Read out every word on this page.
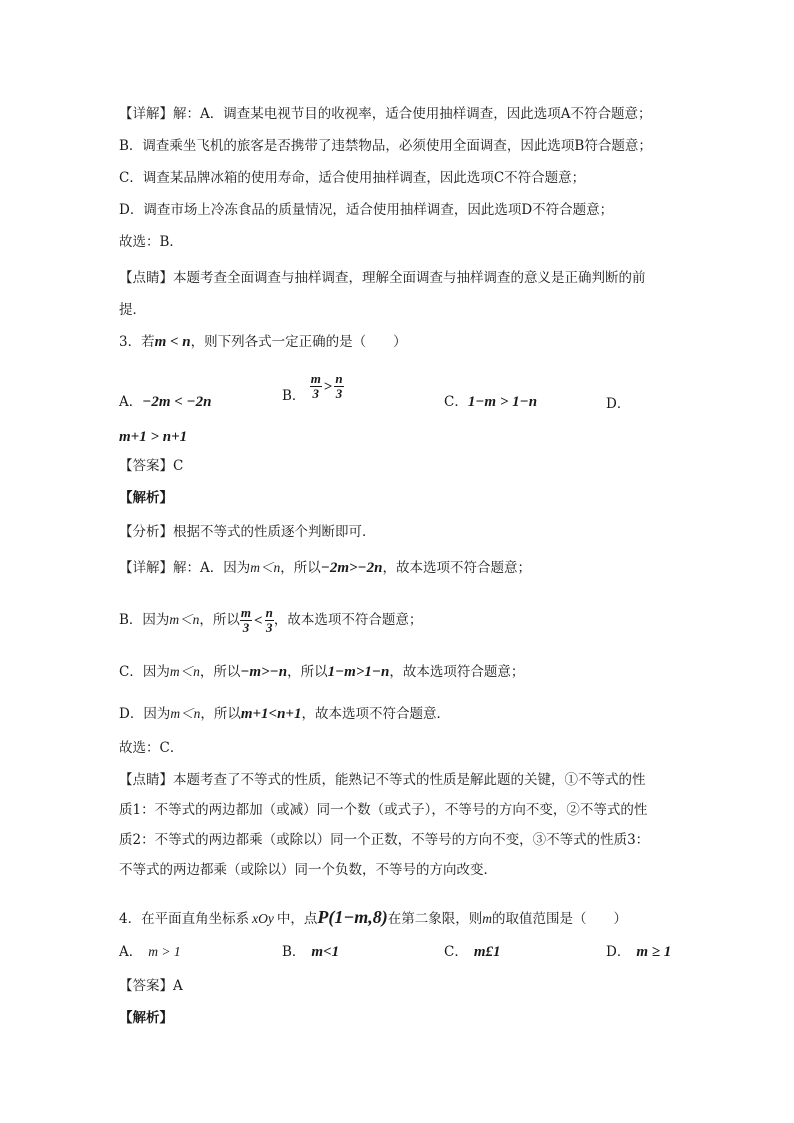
【详解】解：A．调查某电视节目的收视率，适合使用抽样调查，因此选项A不符合题意；
B．调查乘坐飞机的旅客是否携带了违禁物品，必须使用全面调查，因此选项B符合题意；
C．调查某品牌冰箱的使用寿命，适合使用抽样调查，因此选项C不符合题意；
D．调查市场上冷冻食品的质量情况，适合使用抽样调查，因此选项D不符合题意；
故选：B．
【点睛】本题考查全面调查与抽样调查，理解全面调查与抽样调查的意义是正确判断的前
提．
3．若m < n，则下列各式一定正确的是（　　）
A．−2m < −2n	B． $\frac{m}{3} > \frac{n}{3}$
C．1−m > 1−n	D．
m+1 > n+1
【答案】C
【解析】
【分析】根据不等式的性质逐个判断即可．
【详解】解：A．因为m＜n，所以−2m>−2n，故本选项不符合题意；
B．因为m＜n，所以 $\frac{m}{3} < \frac{n}{3}$ ，故本选项不符合题意；
C．因为m＜n，所以−m>−n，所以1−m>1−n，故本选项符合题意；
D．因为m＜n，所以m+1<n+1，故本选项不符合题意．
故选：C．
【点睛】本题考查了不等式的性质，能熟记不等式的性质是解此题的关键，①不等式的性
质1：不等式的两边都加（或减）同一个数（或式子），不等号的方向不变，②不等式的性
质2：不等式的两边都乘（或除以）同一个正数，不等号的方向不变，③不等式的性质3：
不等式的两边都乘（或除以）同一个负数，不等号的方向改变．
4．在平面直角坐标系 xOy 中，点P(1−m,8)在第二象限，则m的取值范围是（　　）
A． m > 1	B． m<1	C． m£1	D． m ≥ 1
【答案】A
【解析】
